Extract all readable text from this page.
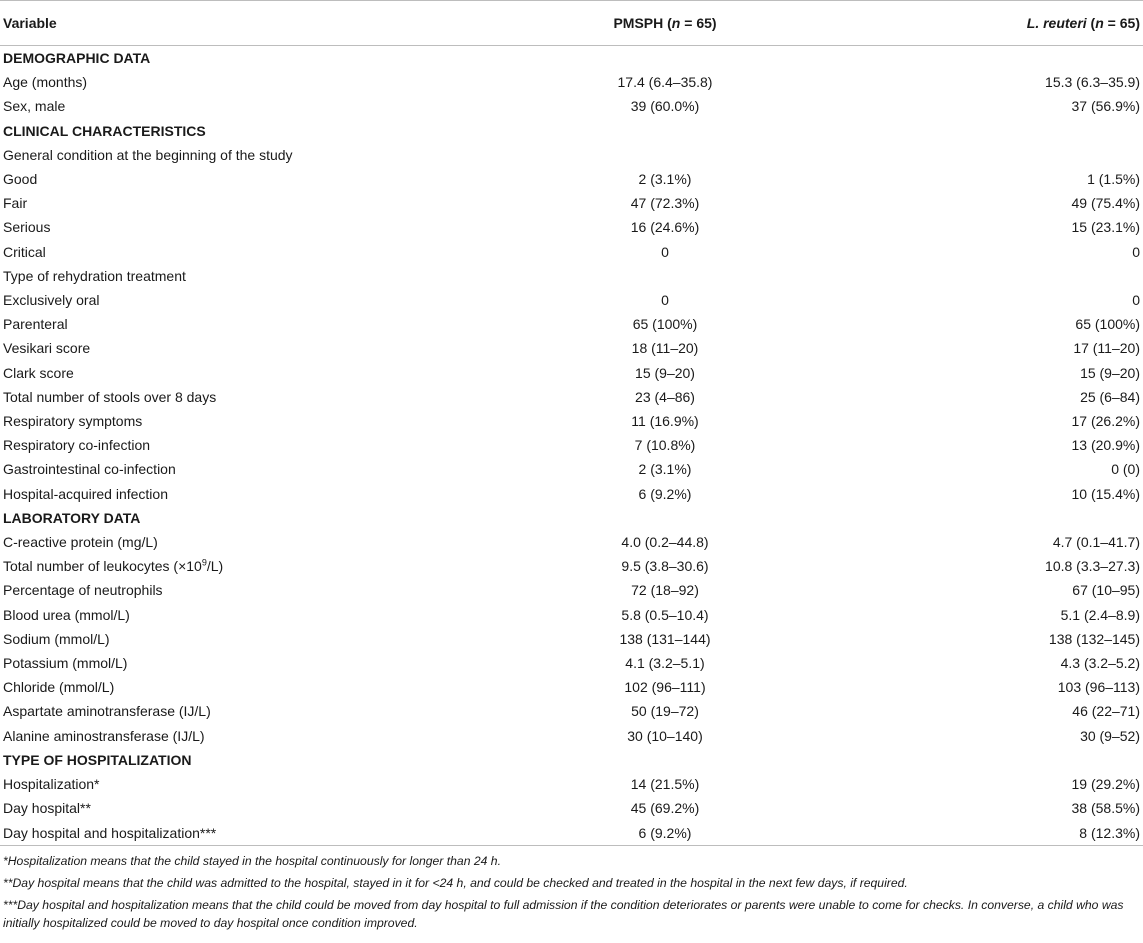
Variable	PMSPH (n = 65)	L. reuteri (n = 65)
DEMOGRAPHIC DATA		
Age (months)	17.4 (6.4–35.8)	15.3 (6.3–35.9)
Sex, male	39 (60.0%)	37 (56.9%)
CLINICAL CHARACTERISTICS		
General condition at the beginning of the study		
Good	2 (3.1%)	1 (1.5%)
Fair	47 (72.3%)	49 (75.4%)
Serious	16 (24.6%)	15 (23.1%)
Critical	0	0
Type of rehydration treatment		
Exclusively oral	0	0
Parenteral	65 (100%)	65 (100%)
Vesikari score	18 (11–20)	17 (11–20)
Clark score	15 (9–20)	15 (9–20)
Total number of stools over 8 days	23 (4–86)	25 (6–84)
Respiratory symptoms	11 (16.9%)	17 (26.2%)
Respiratory co-infection	7 (10.8%)	13 (20.9%)
Gastrointestinal co-infection	2 (3.1%)	0 (0)
Hospital-acquired infection	6 (9.2%)	10 (15.4%)
LABORATORY DATA		
C-reactive protein (mg/L)	4.0 (0.2–44.8)	4.7 (0.1–41.7)
Total number of leukocytes $(\times 10^9/L)$	9.5 (3.8–30.6)	10.8 (3.3–27.3)
Percentage of neutrophils	72 (18–92)	67 (10–95)
Blood urea (mmol/L)	5.8 (0.5–10.4)	5.1 (2.4–8.9)
Sodium (mmol/L)	138 (131–144)	138 (132–145)
Potassium (mmol/L)	4.1 (3.2–5.1)	4.3 (3.2–5.2)
Chloride (mmol/L)	102 (96–111)	103 (96–113)
Aspartate aminotransferase (IJ/L)	50 (19–72)	46 (22–71)
Alanine aminostransferase (IJ/L)	30 (10–140)	30 (9–52)
TYPE OF HOSPITALIZATION		
Hospitalization*	14 (21.5%)	19 (29.2%)
Day hospital**	45 (69.2%)	38 (58.5%)
Day hospital and hospitalization***	6 (9.2%)	8 (12.3%)

*Hospitalization means that the child stayed in the hospital continuously for longer than 24 h.

**Day hospital means that the child was admitted to the hospital, stayed in it for <24 h, and could be checked and treated in the hospital in the next few days, if required.

***Day hospital and hospitalization means that the child could be moved from day hospital to full admission if the condition deteriorates or parents were unable to come for checks. In converse, a child who was initially hospitalized could be moved to day hospital once condition improved.
